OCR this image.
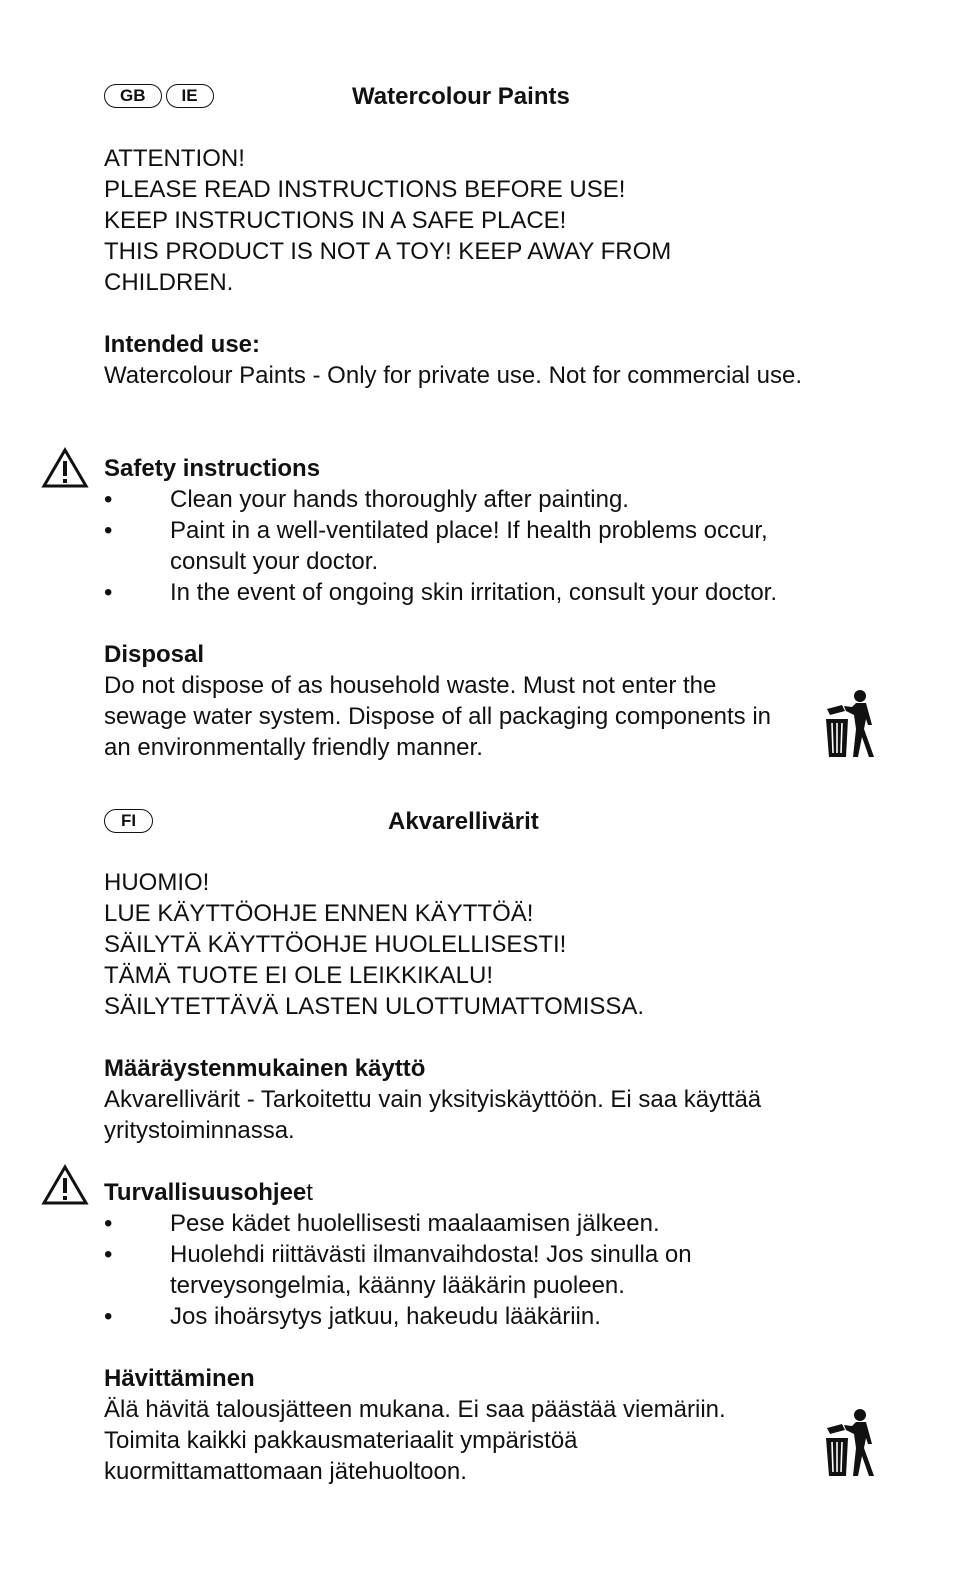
GB	IE	Watercolour Paints
ATTENTION!
PLEASE READ INSTRUCTIONS BEFORE USE!
KEEP INSTRUCTIONS IN A SAFE PLACE!
THIS PRODUCT IS NOT A TOY! KEEP AWAY FROM
CHILDREN.
Intended use:
Watercolour Paints - Only for private use. Not for commercial use.
Safety instructions
• Clean your hands thoroughly after painting.
• Paint in a well-ventilated place! If health problems occur, consult your doctor.
• In the event of ongoing skin irritation, consult your doctor.
Disposal
Do not dispose of as household waste. Must not enter the sewage water system. Dispose of all packaging components in an environmentally friendly manner.
FI	Akvarellivärit
HUOMIO!
LUE KÄYTTÖOHJE ENNEN KÄYTTÖÄ!
SÄILYTÄ KÄYTTÖOHJE HUOLELLISESTI!
TÄMÄ TUOTE EI OLE LEIKKIKALU!
SÄILYTETTÄVÄ LASTEN ULOTTUMATTOMISSA.
Määräystenmukainen käyttö
Akvarellivärit - Tarkoitettu vain yksityiskäyttöön. Ei saa käyttää yritystoiminnassa.
Turvallisuusohjeet
• Pese kädet huolellisesti maalaamisen jälkeen.
• Huolehdi riittävästi ilmanvaihdosta! Jos sinulla on terveysongelmia, käänny lääkärin puoleen.
• Jos ihoärsytys jatkuu, hakeudu lääkäriin.
Hävittäminen
Älä hävitä talousjätteen mukana. Ei saa päästää viemäriin. Toimita kaikki pakkausmateriaalit ympäristöä kuormittamattomaan jätehuoltoon.
